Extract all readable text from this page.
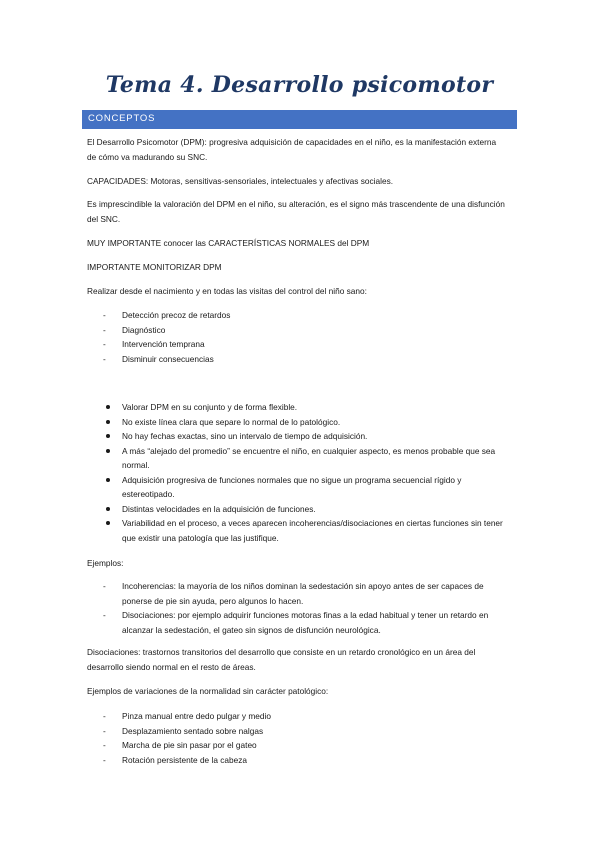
Tema 4. Desarrollo psicomotor
CONCEPTOS

El Desarrollo Psicomotor (DPM): progresiva adquisición de capacidades en el niño, es la manifestación externa de cómo va madurando su SNC.

CAPACIDADES: Motoras, sensitivas-sensoriales, intelectuales y afectivas sociales.

Es imprescindible la valoración del DPM en el niño, su alteración, es el signo más trascendente de una disfunción del SNC.

MUY IMPORTANTE conocer las CARACTERÍSTICAS NORMALES del DPM

IMPORTANTE MONITORIZAR DPM

Realizar desde el nacimiento y en todas las visitas del control del niño sano:

- Detección precoz de retardos
- Diagnóstico
- Intervención temprana
- Disminuir consecuencias
Valorar DPM en su conjunto y de forma flexible.
No existe línea clara que separe lo normal de lo patológico.
No hay fechas exactas, sino un intervalo de tiempo de adquisición.
A más “alejado del promedio” se encuentre el niño, en cualquier aspecto, es menos probable que sea normal.
Adquisición progresiva de funciones normales que no sigue un programa secuencial rígido y estereotipado.
Distintas velocidades en la adquisición de funciones.
Variabilidad en el proceso, a veces aparecen incoherencias/disociaciones en ciertas funciones sin tener que existir una patología que las justifique.

Ejemplos:

- Incoherencias: la mayoría de los niños dominan la sedestación sin apoyo antes de ser capaces de ponerse de pie sin ayuda, pero algunos lo hacen.
- Disociaciones: por ejemplo adquirir funciones motoras finas a la edad habitual y tener un retardo en alcanzar la sedestación, el gateo sin signos de disfunción neurológica.

Disociaciones: trastornos transitorios del desarrollo que consiste en un retardo cronológico en un área del desarrollo siendo normal en el resto de áreas.

Ejemplos de variaciones de la normalidad sin carácter patológico:

- Pinza manual entre dedo pulgar y medio
- Desplazamiento sentado sobre nalgas
- Marcha de pie sin pasar por el gateo
- Rotación persistente de la cabeza
